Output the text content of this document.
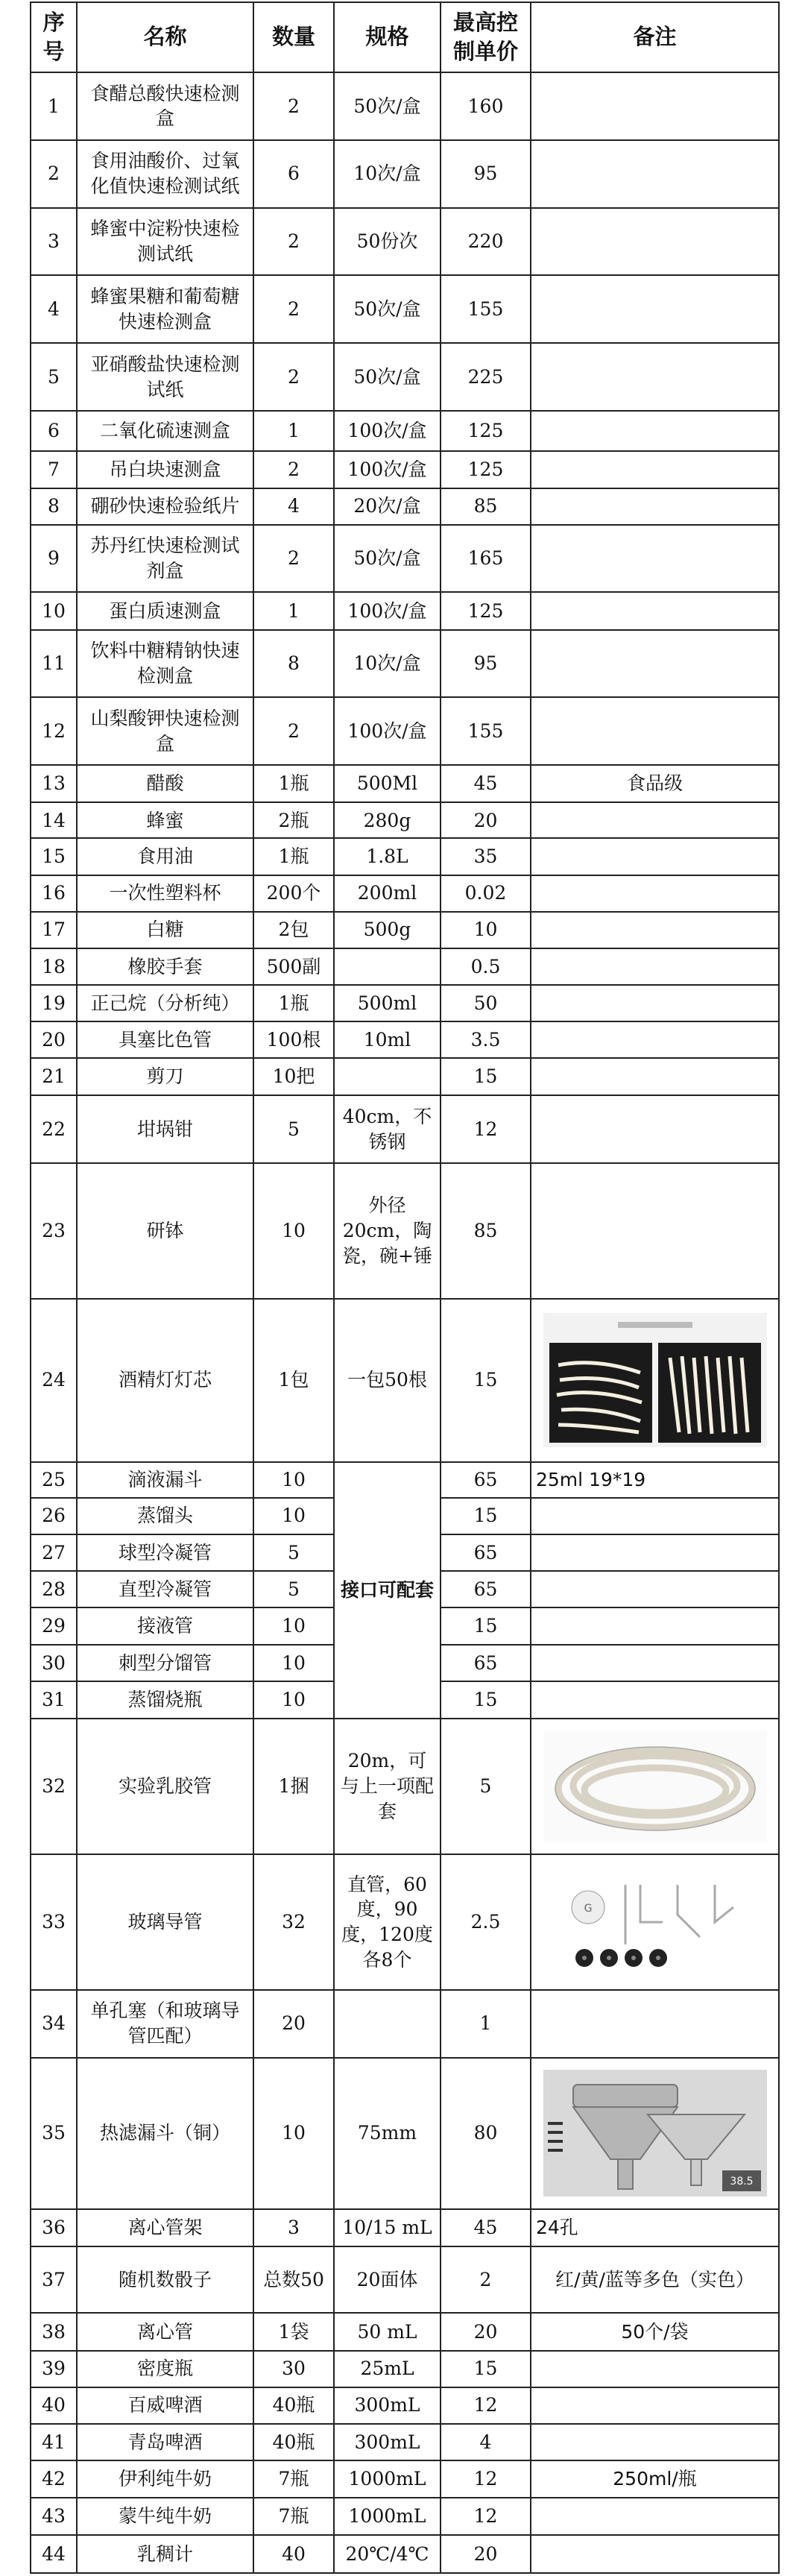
序号	名称	数量	规格	最高控制单价	备注
1	食醋总酸快速检测盒	2	50次/盒	160	
2	食用油酸价、过氧化值快速检测试纸	6	10次/盒	95	
3	蜂蜜中淀粉快速检测试纸	2	50份次	220	
4	蜂蜜果糖和葡萄糖快速检测盒	2	50次/盒	155	
5	亚硝酸盐快速检测试纸	2	50次/盒	225	
6	二氧化硫速测盒	1	100次/盒	125	
7	吊白块速测盒	2	100次/盒	125	
8	硼砂快速检验纸片	4	20次/盒	85	
9	苏丹红快速检测试剂盒	2	50次/盒	165	
10	蛋白质速测盒	1	100次/盒	125	
11	饮料中糖精钠快速检测盒	8	10次/盒	95	
12	山梨酸钾快速检测盒	2	100次/盒	155	
13	醋酸	1瓶	500Ml	45	食品级
14	蜂蜜	2瓶	280g	20	
15	食用油	1瓶	1.8L	35	
16	一次性塑料杯	200个	200ml	0.02	
17	白糖	2包	500g	10	
18	橡胶手套	500副		0.5	
19	正己烷（分析纯）	1瓶	500ml	50	
20	具塞比色管	100根	10ml	3.5	
21	剪刀	10把		15	
22	坩埚钳	5	40cm，不锈钢	12	
23	研钵	10	外径20cm，陶瓷，碗+锤	85	
24	酒精灯灯芯	1包	一包50根	15	

25	滴液漏斗	10	接口可配套	65	25ml 19*19
26	蒸馏头	10		15	
27	球型冷凝管	5		65	
28	直型冷凝管	5		65	
29	接液管	10		15	
30	刺型分馏管	10		65	
31	蒸馏烧瓶	10		15	
32	实验乳胶管	1捆	20m，可与上一项配套	5	

33	玻璃导管	32	直管，60度，90度，120度各8个	2.5	G

34	单孔塞（和玻璃导管匹配）	20		1	
35	热滤漏斗（铜）	10	75mm	80	38.5

36	离心管架	3	10/15 mL	45	24孔
37	随机数骰子	总数50	20面体	2	红/黄/蓝等多色（实色）
38	离心管	1袋	50 mL	20	50个/袋
39	密度瓶	30	25mL	15	
40	百威啤酒	40瓶	300mL	12	
41	青岛啤酒	40瓶	300mL	4	
42	伊利纯牛奶	7瓶	1000mL	12	250ml/瓶
43	蒙牛纯牛奶	7瓶	1000mL	12	
44	乳稠计	40	20℃/4℃	20	
